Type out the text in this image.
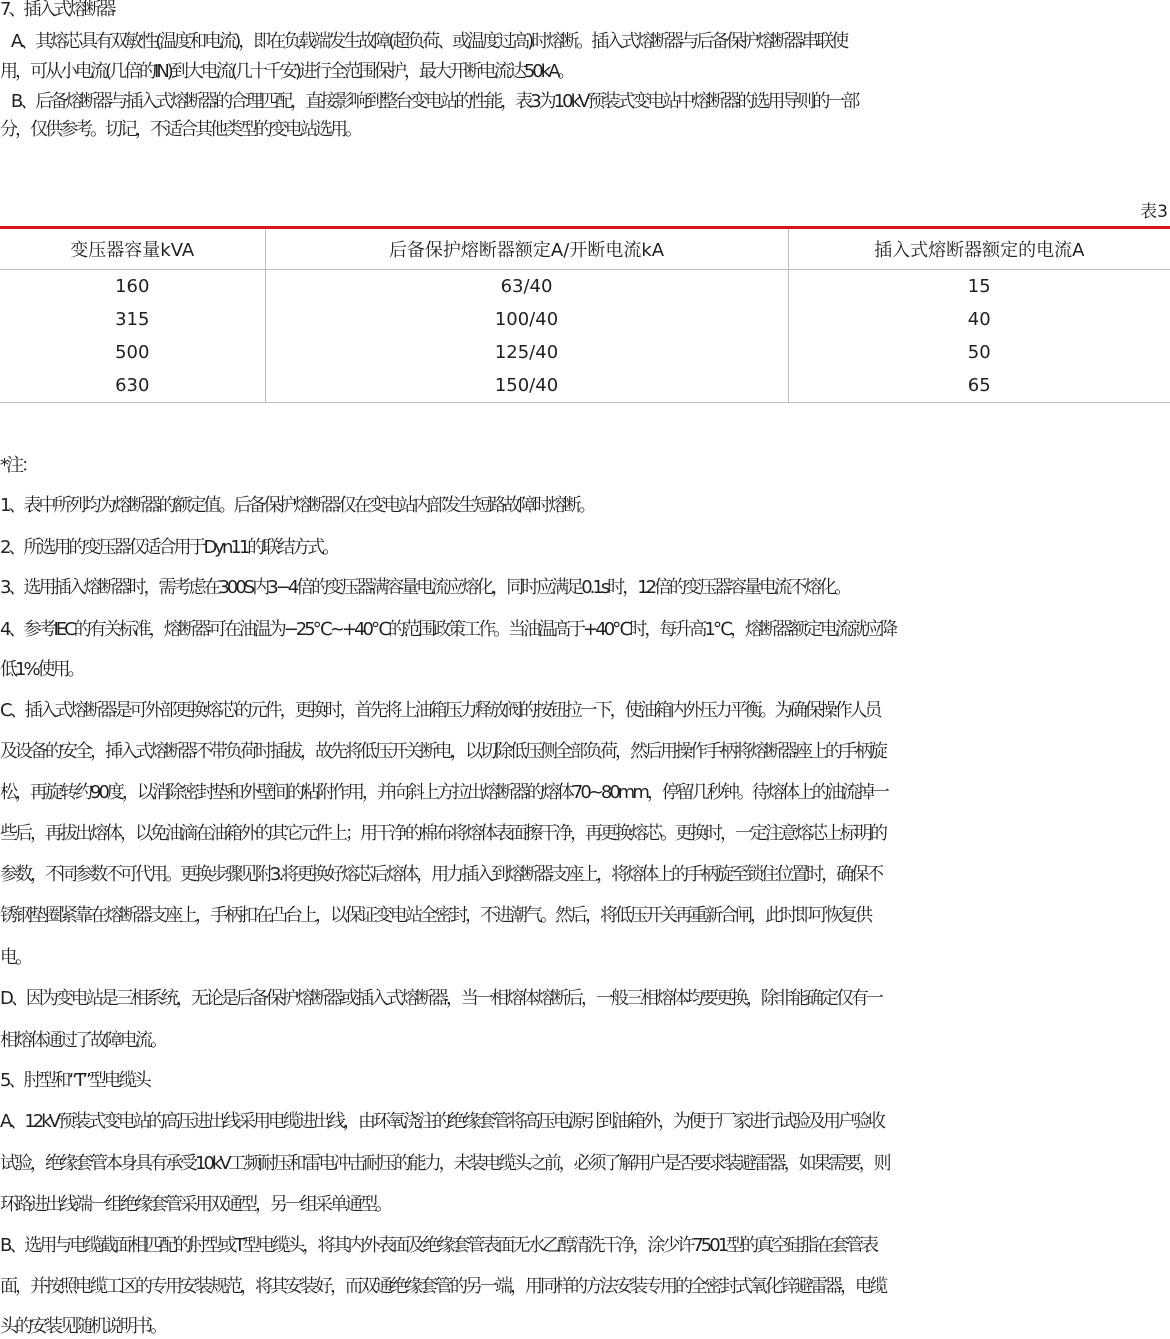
7、插入式熔断器
A、其熔芯具有双敏性(温度和电流)，即在负载端发生故障(超负荷、或温度过高)时熔断。插入式熔断器与后备保护熔断器串联使
用，可从小电流(几倍的IN)到大电流(几十千安)进行全范围保护，最大开断电流达50kA。
B、后备熔断器与插入式熔断器的合理匹配，直接影响到整台变电站的性能，表3为10kV预装式变电站中熔断器的选用导则的一部
分，仅供参考。切记，不适合其他类型的变电站选用。
表3
变压器容量kVA	后备保护熔断器额定A/开断电流kA	插入式熔断器额定的电流A
160	63/40	15
315	100/40	40
500	125/40	50
630	150/40	65
*注：
1、表中所列均为熔断器的额定值。后备保护熔断器仅在变电站内部发生短路故障时熔断。
2、所选用的变压器仅适合用于Dyn11的联结方式。
3、选用插入熔断器时，需考虑在300S内3−4倍的变压器满容量电流应熔化，同时应满足0.1s时，12倍的变压器容量电流不熔化。
4、参考IEC的有关标准，熔断器可在油温为−25℃~+40℃的范围政策工作。当油温高于+40℃时，每升高1℃，熔断器额定电流就应降
低1%使用。
C、插入式熔断器是可外部更换熔芯的元件，更换时，首先将上油箱压力释放阀的按钮拉一下，使油箱内外压力平衡。为确保操作人员
及设备的安全，揷入式熔断器不带负荷时插拔，故先将低压开关断电，以切除低压侧全部负荷，然后用操作手柄将熔断器座上的手柄旋
松，再旋转约90度，以消除密封垫和外壁间的粘附作用，并向斜上方拉出熔断器的熔体70~80mm，停留几秒钟。待熔体上的油流掉一
些后，再拔出熔体，以免油滴在油箱外的其它元件上；用干净的棉布将熔体表面擦干净，再更换熔芯。更换时，一定注意熔芯上标明的
参数，不同参数不可代用。更换步骤见附3.将更换好熔芯后熔体，用力插入到熔断器支座上，将熔体上的手柄旋至锁住位置时，确保不
锈钢垫圈紧靠在熔断器支座上，手柄扣在凸台上，以保证变电站全密封，不进潮气。然后，将低压开关再重新合闸，此时即可恢复供
电。
D、因为变电站是三相系统，无论是后备保护熔断器或插入式熔断器，当一相熔体熔断后，一般三相熔体均要更换，除非能确定仅有一
相熔体通过了故障电流。
5、肘型和“T”型电缆头
A、12kV预装式变电站的高压进出线采用电缆进出线，由环氧浇注的绝缘套管将高压电源引到油箱外，为便于厂家进行试验及用户验收
试验，绝缘套管本身具有承受10kV工频耐压和雷电冲击耐压的能力，未装电缆头之前，必须了解用户是否要求装避雷器，如果需要，则
环路进出线端一组绝缘套管采用双通型，另一组采单通型。
B、选用与电缆截面相匹配的肘型或T型电缆头，将其内外表面及绝缘套管表面无水乙醇清洗干净，涂少许7501型的真空硅脂在套管表
面，并按照电缆工区的专用安装规范，将其安装好，而双通绝缘套管的另一端，用同样的方法安装专用的全密封式氧化锌避雷器，电缆
头的安装见随机说明书。
